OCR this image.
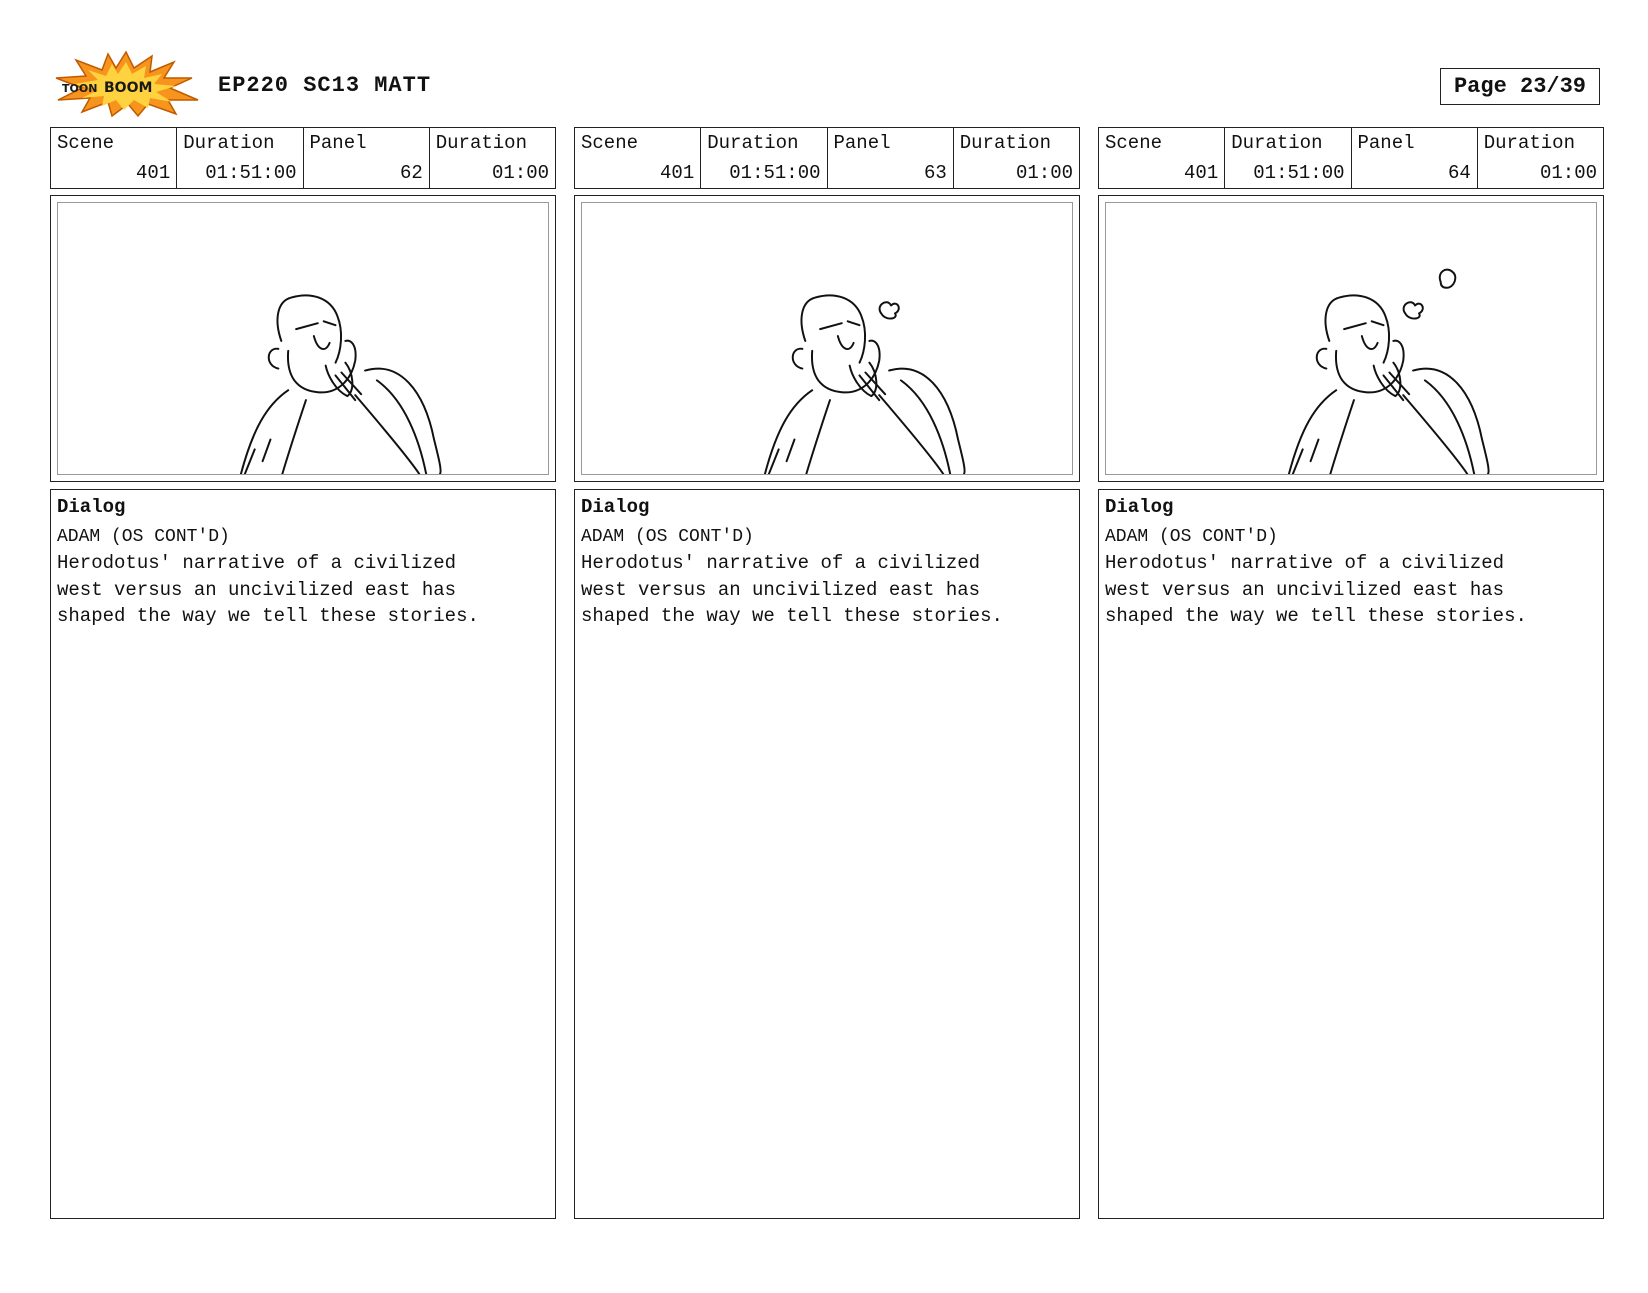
TOON BOOM	EP220 SC13 MATT	Page 23/39
Scene
401
Duration
01:51:00
Panel
62
Duration
01:00
Dialog
ADAM (OS CONT'D)
Herodotus' narrative of a civilized
west versus an uncivilized east has
shaped the way we tell these stories.
Scene
401
Duration
01:51:00
Panel
63
Duration
01:00
Dialog
ADAM (OS CONT'D)
Herodotus' narrative of a civilized
west versus an uncivilized east has
shaped the way we tell these stories.
Scene
401
Duration
01:51:00
Panel
64
Duration
01:00
Dialog
ADAM (OS CONT'D)
Herodotus' narrative of a civilized
west versus an uncivilized east has
shaped the way we tell these stories.
